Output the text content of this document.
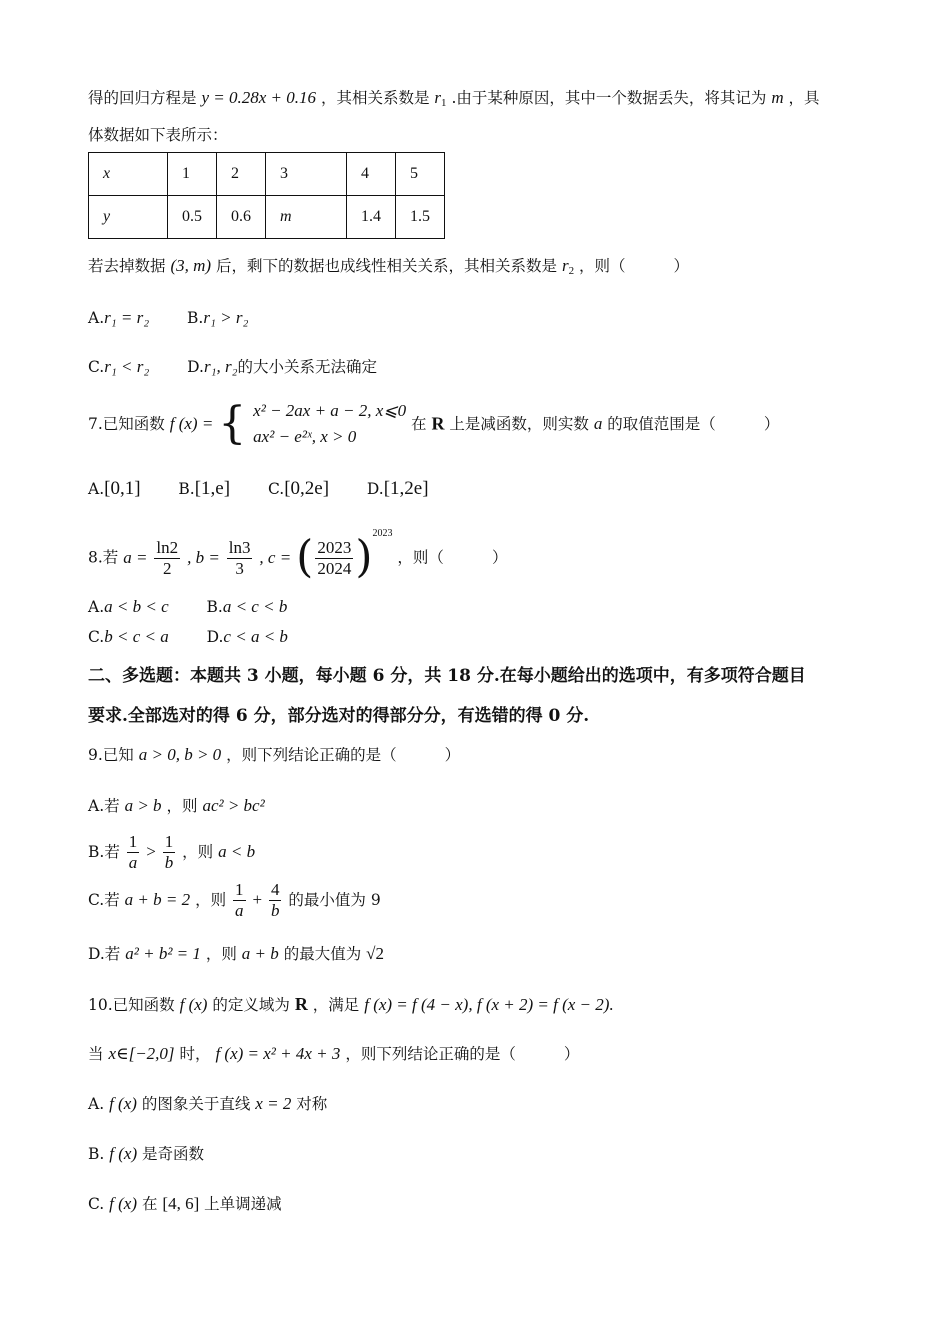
得的回归方程是 y = 0.28x + 0.16 ，其相关系数是 $r_1$ .由于某种原因，其中一个数据丢失，将其记为 m ，具
体数据如下表所示：
x	1	2	3	4	5
y	0.5	0.6	m	1.4	1.5
若去掉数据 (3, m) 后，剩下的数据也成线性相关关系，其相关系数是 $r_2$ ，则（	）
A.r₁ = r₂ B.r₁ > r₂
C.r₁ < r₂ D.r₁, r₂的大小关系无法确定
7.已知函数 f (x) = { x² − 2ax + a − 2, x⩽0
ax² − e²ˣ, x > 0
在 R 上是减函数，则实数 a 的取值范围是（	）
A.[0,1] B.[1,e] C.[0,2e] D.[1,2e]
8.若 $a = \frac{\ln 2}{2}$ , $b = \frac{\ln 3}{3}$ , c = ( $\frac{2023}{2024} )^{2023}$ ，则（	）
A.a < b < c B.a < c < b
C.b < c < a D.c < a < b
二、多选题：本题共 3 小题，每小题 6 分，共 18 分.在每小题给出的选项中，有多项符合题目
要求.全部选对的得 6 分，部分选对的得部分分，有选错的得 0 分.
9.已知 a > 0, b > 0 ，则下列结论正确的是（	）
A.若 a > b ，则 ac² > bc²
B.若 $\frac{1}{a} > \frac{1}{b}$ ，则 a < b
C.若 a + b = 2 ，则 $\frac{1}{a} + \frac{4}{b}$ 的最小值为 9
D.若 a² + b² = 1 ，则 a + b 的最大值为 √2
10.已知函数 f (x) 的定义域为 R ，满足 f (x) = f (4 − x), f (x + 2) = f (x − 2).
当 x∈[−2,0] 时， f (x) = x² + 4x + 3 ，则下列结论正确的是（	）
A. f (x) 的图象关于直线 x = 2 对称
B. f (x) 是奇函数
C. f (x) 在 [4, 6] 上单调递减
